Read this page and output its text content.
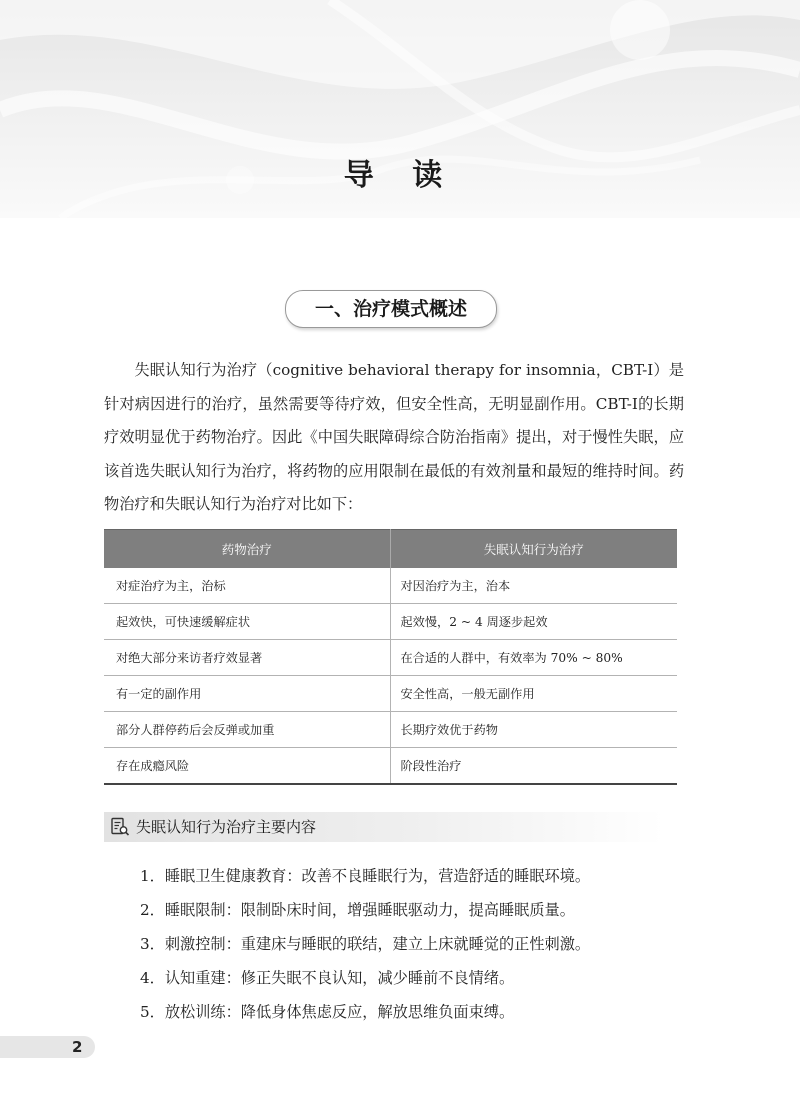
导 读
一、治疗模式概述

失眠认知行为治疗（cognitive behavioral therapy for insomnia，CBT-I）是针对病因进行的治疗，虽然需要等待疗效，但安全性高，无明显副作用。CBT-I的长期疗效明显优于药物治疗。因此《中国失眠障碍综合防治指南》提出，对于慢性失眠，应该首选失眠认知行为治疗，将药物的应用限制在最低的有效剂量和最短的维持时间。药物治疗和失眠认知行为治疗对比如下：

药物治疗	失眠认知行为治疗
对症治疗为主，治标	对因治疗为主，治本
起效快，可快速缓解症状	起效慢，2 ~ 4 周逐步起效
对绝大部分来访者疗效显著	在合适的人群中，有效率为 70% ~ 80%
有一定的副作用	安全性高，一般无副作用
部分人群停药后会反弹或加重	长期疗效优于药物
存在成瘾风险	阶段性治疗
失眠认知行为治疗主要内容
1．睡眠卫生健康教育：改善不良睡眠行为，营造舒适的睡眠环境。
2．睡眠限制：限制卧床时间，增强睡眠驱动力，提高睡眠质量。
3．刺激控制：重建床与睡眠的联结，建立上床就睡觉的正性刺激。
4．认知重建：修正失眠不良认知，减少睡前不良情绪。
5．放松训练：降低身体焦虑反应，解放思维负面束缚。
2
